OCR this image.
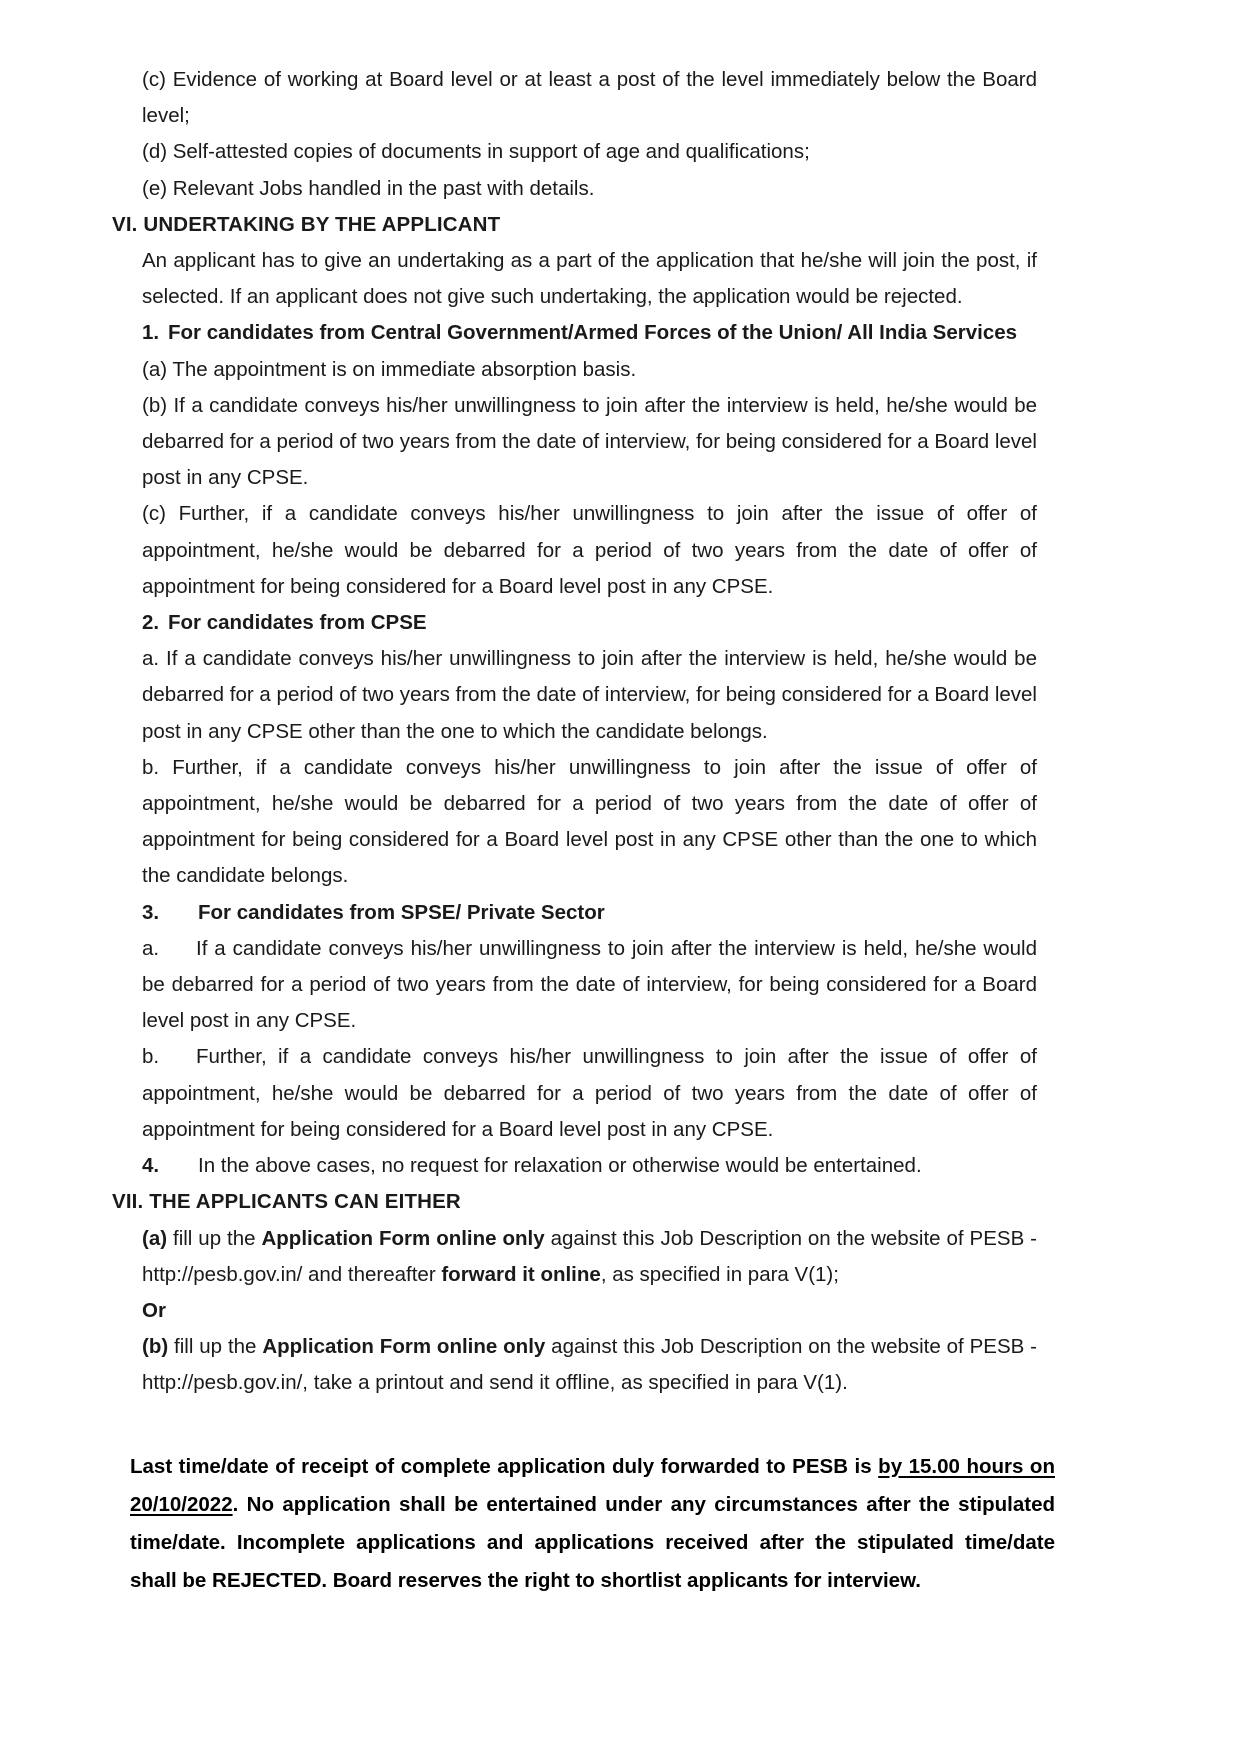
(c) Evidence of working at Board level or at least a post of the level immediately below the Board level;

(d) Self-attested copies of documents in support of age and qualifications;

(e) Relevant Jobs handled in the past with details.

VI. UNDERTAKING BY THE APPLICANT

An applicant has to give an undertaking as a part of the application that he/she will join the post, if selected. If an applicant does not give such undertaking, the application would be rejected.

1. For candidates from Central Government/Armed Forces of the Union/ All India Services

(a) The appointment is on immediate absorption basis.

(b) If a candidate conveys his/her unwillingness to join after the interview is held, he/she would be debarred for a period of two years from the date of interview, for being considered for a Board level post in any CPSE.

(c) Further, if a candidate conveys his/her unwillingness to join after the issue of offer of appointment, he/she would be debarred for a period of two years from the date of offer of appointment for being considered for a Board level post in any CPSE.

2. For candidates from CPSE

a. If a candidate conveys his/her unwillingness to join after the interview is held, he/she would be debarred for a period of two years from the date of interview, for being considered for a Board level post in any CPSE other than the one to which the candidate belongs.

b. Further, if a candidate conveys his/her unwillingness to join after the issue of offer of appointment, he/she would be debarred for a period of two years from the date of offer of appointment for being considered for a Board level post in any CPSE other than the one to which the candidate belongs.

3. For candidates from SPSE/ Private Sector

a. If a candidate conveys his/her unwillingness to join after the interview is held, he/she would be debarred for a period of two years from the date of interview, for being considered for a Board level post in any CPSE.

b. Further, if a candidate conveys his/her unwillingness to join after the issue of offer of appointment, he/she would be debarred for a period of two years from the date of offer of appointment for being considered for a Board level post in any CPSE.

4. In the above cases, no request for relaxation or otherwise would be entertained.

VII. THE APPLICANTS CAN EITHER

(a) fill up the Application Form online only against this Job Description on the website of PESB - http://pesb.gov.in/ and thereafter forward it online, as specified in para V(1);

Or

(b) fill up the Application Form online only against this Job Description on the website of PESB - http://pesb.gov.in/, take a printout and send it offline, as specified in para V(1).

Last time/date of receipt of complete application duly forwarded to PESB is by 15.00 hours on 20/10/2022. No application shall be entertained under any circumstances after the stipulated time/date. Incomplete applications and applications received after the stipulated time/date shall be REJECTED. Board reserves the right to shortlist applicants for interview.
